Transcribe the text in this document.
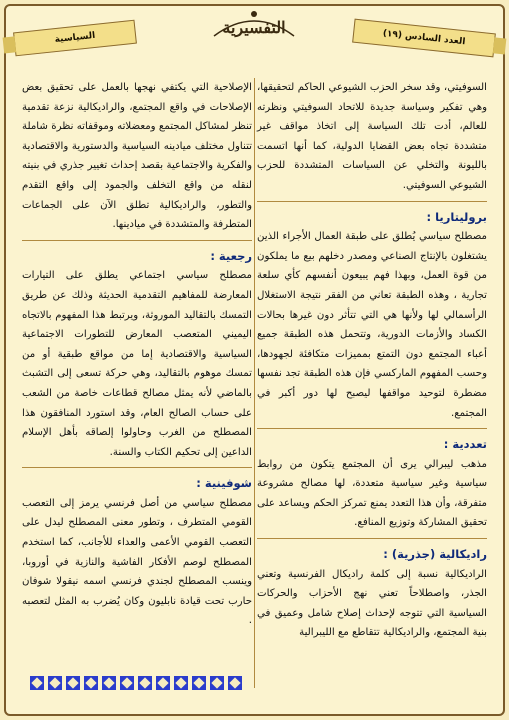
العدد السادس (١٩)
التفسيرية
السياسية

السوفيتي، وقد سخر الحزب الشيوعي الحاكم لتحقيقها، وهي تفكير وسياسة جديدة للاتحاد السوفيتي ونظرته للعالم، أدت تلك السياسة إلى اتخاذ مواقف غير متشددة تجاه بعض القضايا الدولية، كما أنها اتسمت بالليونة والتخلي عن السياسات المتشددة للحزب الشيوعي السوفيتي.

بروليتاريا :

مصطلح سياسي يُطلق على طبقة العمال الأجراء الذين يشتغلون بالإنتاج الصناعي ومصدر دخلهم بيع ما يملكون من قوة العمل، وبهذا فهم يبيعون أنفسهم كأي سلعة تجارية ، وهذه الطبقة تعاني من الفقر نتيجة الاستغلال الرأسمالي لها ولأنها هي التي تتأثر دون غيرها بحالات الكساد والأزمات الدورية، وتتحمل هذه الطبقة جميع أعباء المجتمع دون التمتع بمميزات متكافئة لجهودها، وحسب المفهوم الماركسي فإن هذه الطبقة تجد نفسها مضطرة لتوحيد مواقفها ليصبح لها دور أكبر في المجتمع.

تعددية :

مذهب ليبرالي يرى أن المجتمع يتكون من روابط سياسية وغير سياسية متعددة، لها مصالح مشروعة متفرقة، وأن هذا التعدد يمنع تمركز الحكم ويساعد على تحقيق المشاركة وتوزيع المنافع.

راديكالية (جذرية) :

الراديكالية نسبة إلى كلمة راديكال الفرنسية وتعني الجذر، واصطلاحاً تعني نهج الأحزاب والحركات السياسية التي تتوجه لإحداث إصلاح شامل وعميق في بنية المجتمع، والراديكالية تتقاطع مع الليبرالية

الإصلاحية التي يكتفي نهجها بالعمل على تحقيق بعض الإصلاحات في واقع المجتمع، والراديكالية نزعة تقدمية تنظر لمشاكل المجتمع ومعضلاته وموقفاته نظرة شاملة تتناول مختلف ميادينه السياسية والدستورية والاقتصادية والفكرية والاجتماعية بقصد إحداث تغيير جذري في بنيته لنقله من واقع التخلف والجمود إلى واقع التقدم والتطور، والراديكالية تطلق الآن على الجماعات المتطرفة والمتشددة في ميادينها.

رجعية :

مصطلح سياسي اجتماعي يطلق على التيارات المعارضة للمفاهيم التقدمية الحديثة وذلك عن طريق التمسك بالتقاليد الموروثة، ويرتبط هذا المفهوم بالاتجاه اليميني المتعصب المعارض للتطورات الاجتماعية السياسية والاقتصادية إما من مواقع طبقية أو من تمسك موهوم بالتقاليد، وهي حركة تسعى إلى التشبث بالماضي لأنه يمثل مصالح قطاعات خاصة من الشعب على حساب الصالح العام، وقد استورد المنافقون هذا المصطلح من الغرب وحاولوا إلصاقه بأهل الإسلام الداعين إلى تحكيم الكتاب والسنة.

شوفينية :

مصطلح سياسي من أصل فرنسي يرمز إلى التعصب القومي المتطرف ، وتطور معنى المصطلح ليدل على التعصب القومي الأعمى والعداء للأجانب، كما استخدم المصطلح لوصم الأفكار الفاشية والنازية في أوروبا، وينسب المصطلح لجندي فرنسي اسمه نيقولا شوفان حارب تحت قيادة نابليون وكان يُضرب به المثل لتعصبه .
